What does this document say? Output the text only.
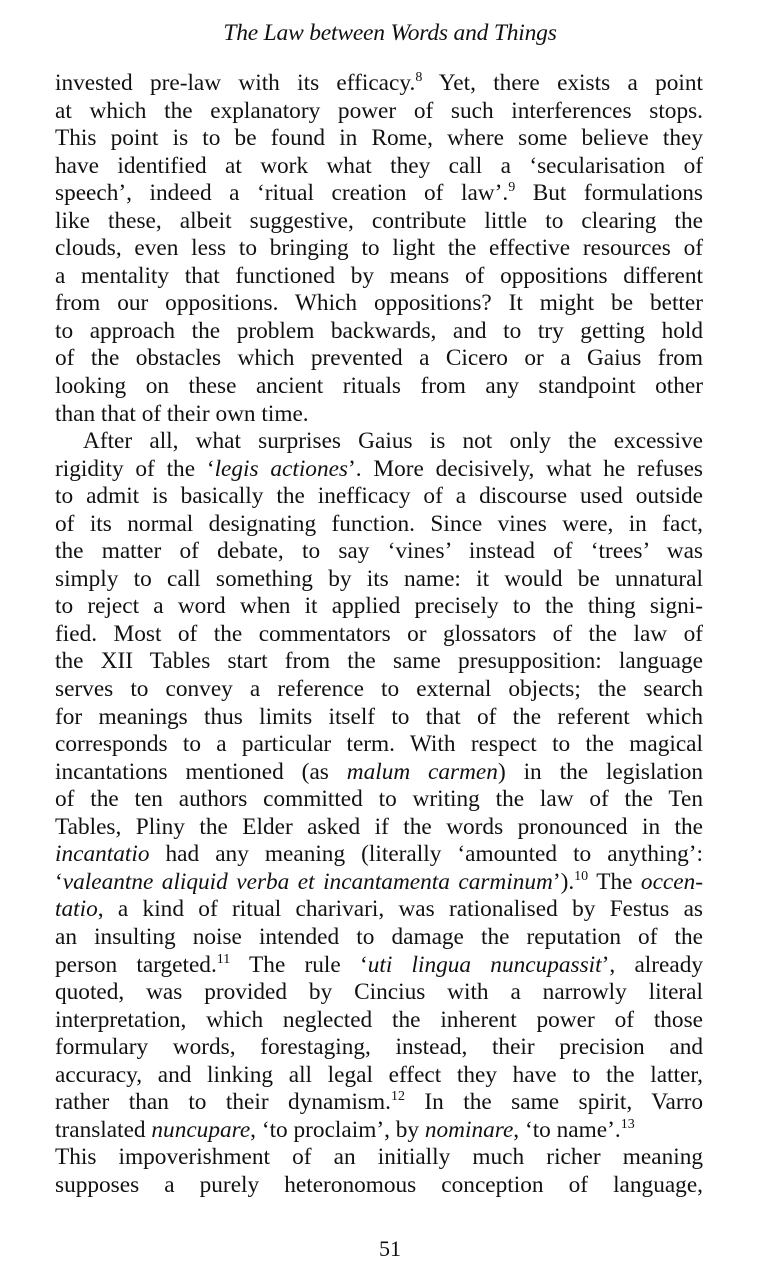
The Law between Words and Things
invested pre-law with its efficacy.$^8$ Yet, there exists a point
at which the explanatory power of such interferences stops.
This point is to be found in Rome, where some believe they
have identified at work what they call a ‘secularisation of
speech’, indeed a ‘ritual creation of law’.$^9$ But formulations
like these, albeit suggestive, contribute little to clearing the
clouds, even less to bringing to light the effective resources of
a mentality that functioned by means of oppositions different
from our oppositions. Which oppositions? It might be better
to approach the problem backwards, and to try getting hold
of the obstacles which prevented a Cicero or a Gaius from
looking on these ancient rituals from any standpoint other
than that of their own time.
After all, what surprises Gaius is not only the excessive
rigidity of the ‘legis actiones’. More decisively, what he refuses
to admit is basically the inefficacy of a discourse used outside
of its normal designating function. Since vines were, in fact,
the matter of debate, to say ‘vines’ instead of ‘trees’ was
simply to call something by its name: it would be unnatural
to reject a word when it applied precisely to the thing signi-
fied. Most of the commentators or glossators of the law of
the XII Tables start from the same presupposition: language
serves to convey a reference to external objects; the search
for meanings thus limits itself to that of the referent which
corresponds to a particular term. With respect to the magical
incantations mentioned (as malum carmen) in the legislation
of the ten authors committed to writing the law of the Ten
Tables, Pliny the Elder asked if the words pronounced in the
incantatio had any meaning (literally ‘amounted to anything’:
‘valeantne aliquid verba et incantamenta carminum’).$^{10}$ The occen-
tatio, a kind of ritual charivari, was rationalised by Festus as
an insulting noise intended to damage the reputation of the
person targeted.$^{11}$ The rule ‘uti lingua nuncupassit’, already
quoted, was provided by Cincius with a narrowly literal
interpretation, which neglected the inherent power of those
formulary words, forestaging, instead, their precision and
accuracy, and linking all legal effect they have to the latter,
rather than to their dynamism.$^{12}$ In the same spirit, Varro
translated nuncupare, ‘to proclaim’, by nominare, ‘to name’.$^{13}$
This impoverishment of an initially much richer meaning
supposes a purely heteronomous conception of language,
51
